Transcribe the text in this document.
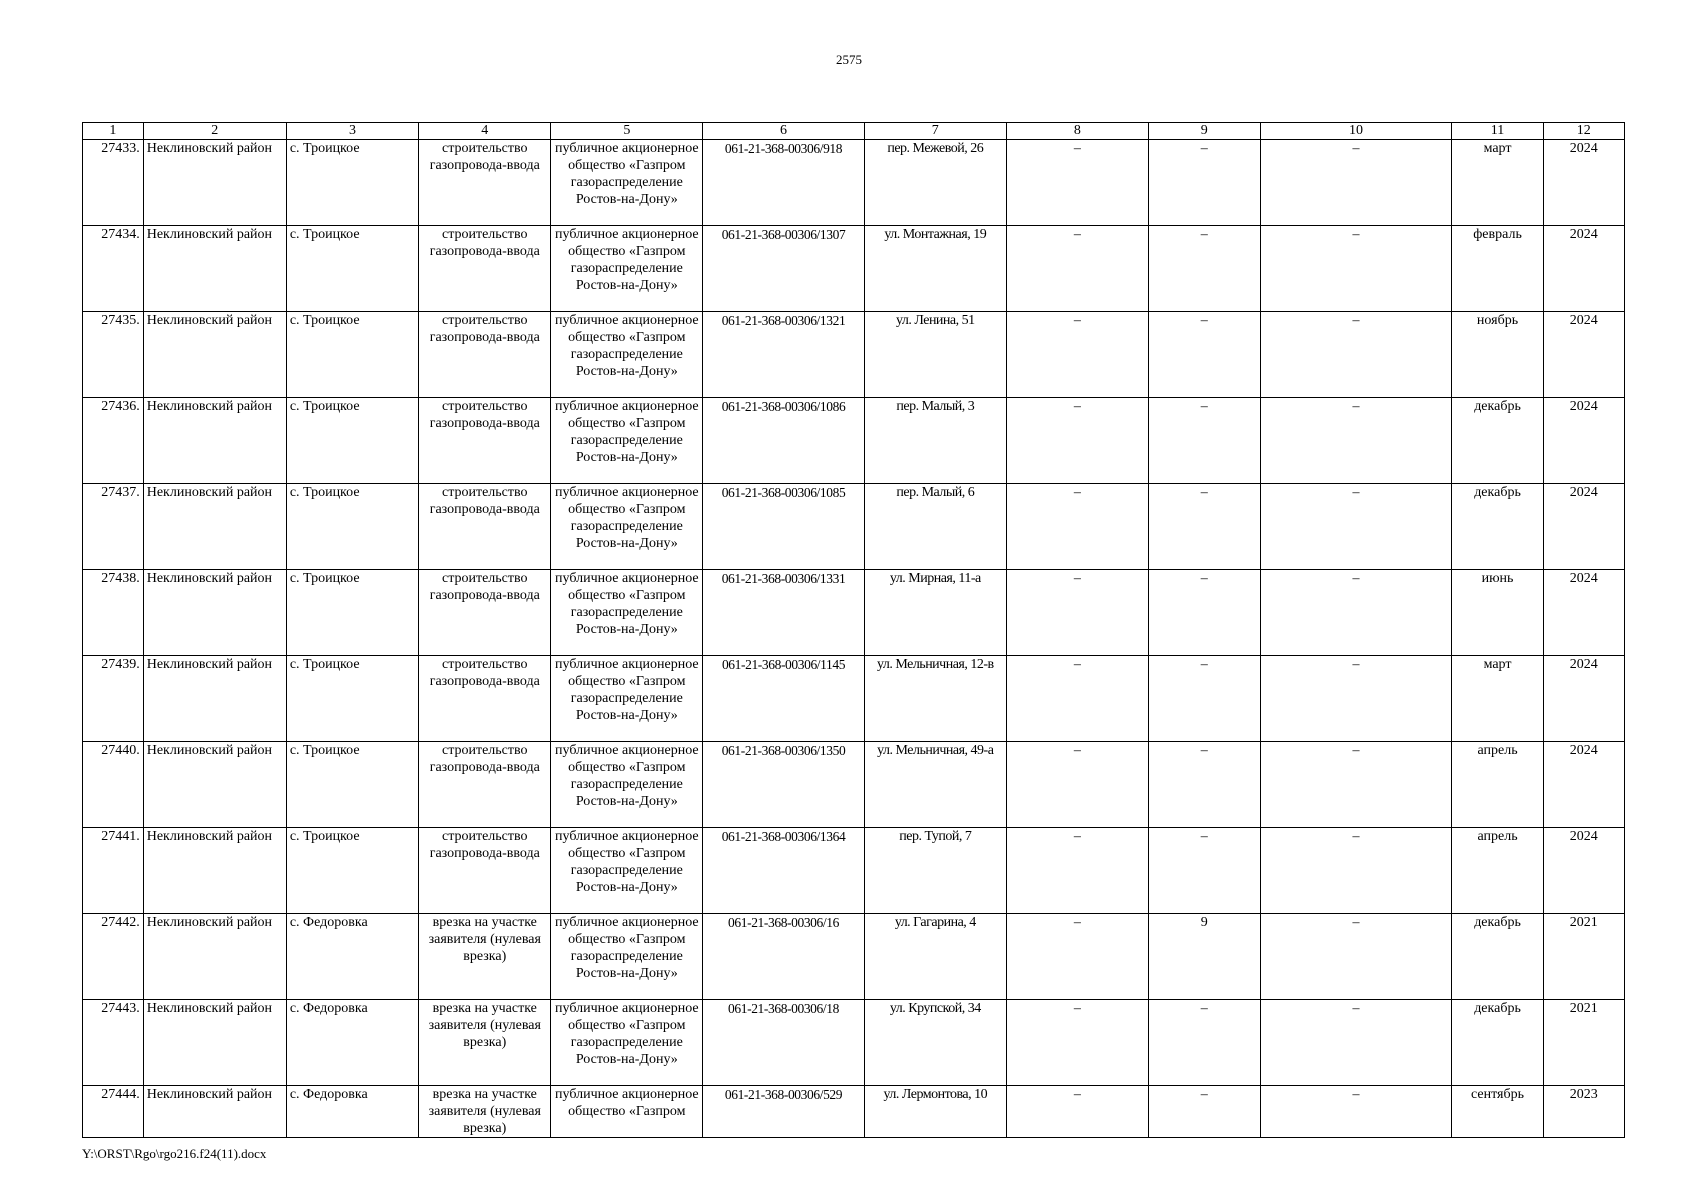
2575
1	2	3	4	5	6	7	8	9	10	11	12
27433.	Неклиновский район	с. Троицкое	строительство газопровода-ввода	публичное акционерное общество «Газпром газораспределение Ростов-на-Дону»	061-21-368-00306/918	пер. Межевой, 26	–	–	–	март	2024
27434.	Неклиновский район	с. Троицкое	строительство газопровода-ввода	публичное акционерное общество «Газпром газораспределение Ростов-на-Дону»	061-21-368-00306/1307	ул. Монтажная, 19	–	–	–	февраль	2024
27435.	Неклиновский район	с. Троицкое	строительство газопровода-ввода	публичное акционерное общество «Газпром газораспределение Ростов-на-Дону»	061-21-368-00306/1321	ул. Ленина, 51	–	–	–	ноябрь	2024
27436.	Неклиновский район	с. Троицкое	строительство газопровода-ввода	публичное акционерное общество «Газпром газораспределение Ростов-на-Дону»	061-21-368-00306/1086	пер. Малый, 3	–	–	–	декабрь	2024
27437.	Неклиновский район	с. Троицкое	строительство газопровода-ввода	публичное акционерное общество «Газпром газораспределение Ростов-на-Дону»	061-21-368-00306/1085	пер. Малый, 6	–	–	–	декабрь	2024
27438.	Неклиновский район	с. Троицкое	строительство газопровода-ввода	публичное акционерное общество «Газпром газораспределение Ростов-на-Дону»	061-21-368-00306/1331	ул. Мирная, 11-а	–	–	–	июнь	2024
27439.	Неклиновский район	с. Троицкое	строительство газопровода-ввода	публичное акционерное общество «Газпром газораспределение Ростов-на-Дону»	061-21-368-00306/1145	ул. Мельничная, 12-в	–	–	–	март	2024
27440.	Неклиновский район	с. Троицкое	строительство газопровода-ввода	публичное акционерное общество «Газпром газораспределение Ростов-на-Дону»	061-21-368-00306/1350	ул. Мельничная, 49-а	–	–	–	апрель	2024
27441.	Неклиновский район	с. Троицкое	строительство газопровода-ввода	публичное акционерное общество «Газпром газораспределение Ростов-на-Дону»	061-21-368-00306/1364	пер. Тупой, 7	–	–	–	апрель	2024
27442.	Неклиновский район	с. Федоровка	врезка на участке заявителя (нулевая врезка)	публичное акционерное общество «Газпром газораспределение Ростов-на-Дону»	061-21-368-00306/16	ул. Гагарина, 4	–	9	–	декабрь	2021
27443.	Неклиновский район	с. Федоровка	врезка на участке заявителя (нулевая врезка)	публичное акционерное общество «Газпром газораспределение Ростов-на-Дону»	061-21-368-00306/18	ул. Крупской, 34	–	–	–	декабрь	2021
27444.	Неклиновский район	с. Федоровка	врезка на участке заявителя (нулевая врезка)	публичное акционерное общество «Газпром	061-21-368-00306/529	ул. Лермонтова, 10	–	–	–	сентябрь	2023
Y:\ORST\Rgo\rgo216.f24(11).docx
